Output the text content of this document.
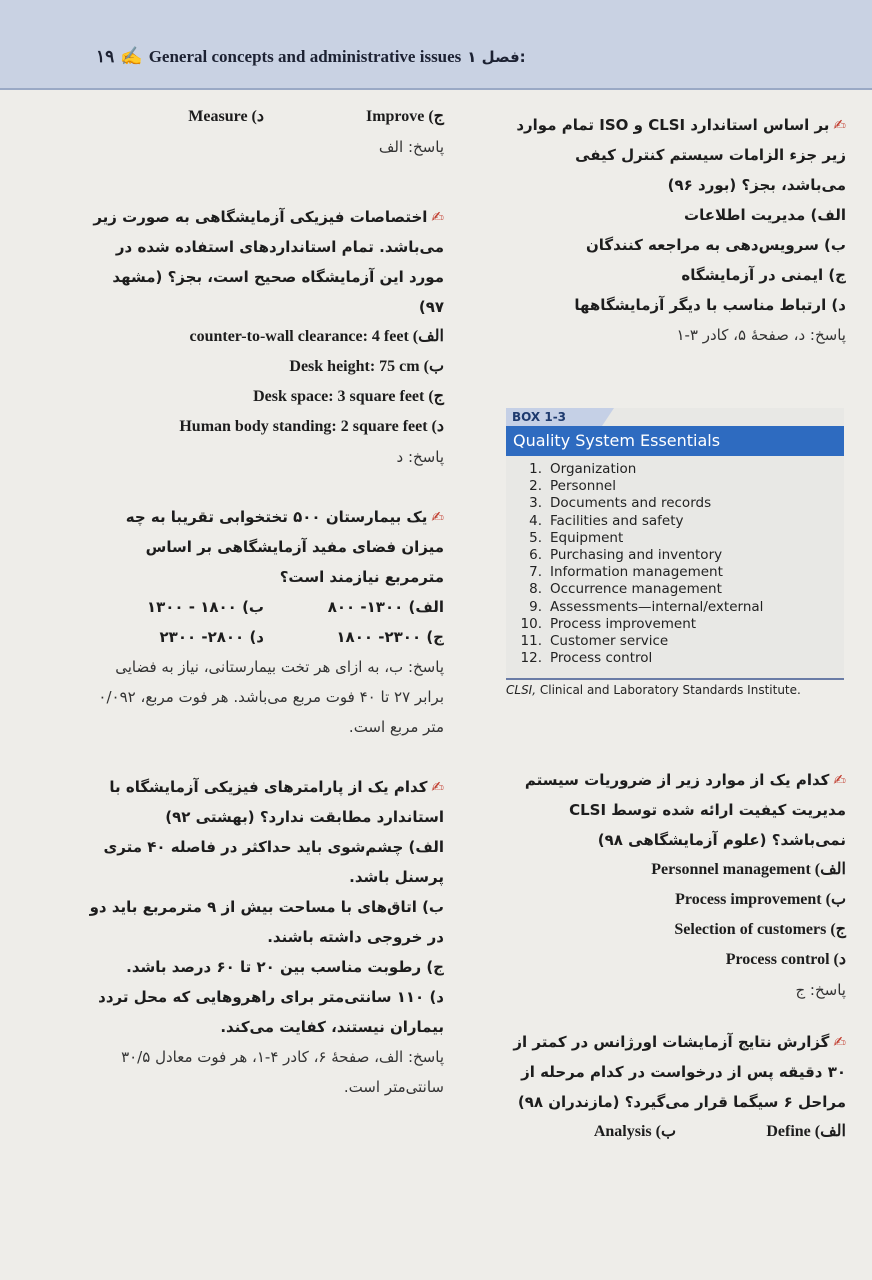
۱۹ ✍ General concepts and administrative issues فصل ۱:

✍بر اساس استاندارد CLSI و ISO تمام موارد زیر جزء الزامات سیستم کنترل کیفی می‌باشد، بجز؟ (بورد ۹۶)

الف) مدیریت اطلاعات

ب) سرویس‌دهی به مراجعه کنندگان

ج) ایمنی در آزمایشگاه

د) ارتباط مناسب با دیگر آزمایشگاهها

پاسخ: د، صفحهٔ ۵، کادر ۳-۱

BOX 1-3
Quality System Essentials
1. Organization
2. Personnel
3. Documents and records
4. Facilities and safety
5. Equipment
6. Purchasing and inventory
7. Information management
8. Occurrence management
9. Assessments—internal/external
10. Process improvement
11. Customer service
12. Process control
CLSI, Clinical and Laboratory Standards Institute.

✍کدام یک از موارد زیر از ضروریات سیستم مدیریت کیفیت ارائه شده توسط CLSI نمی‌باشد؟ (علوم آزمایشگاهی ۹۸)

الف) Personnel management

ب) Process improvement

ج) Selection of customers

د) Process control

پاسخ: ج

✍گزارش نتایج آزمایشات اورژانس در کمتر از ۳۰ دقیقه پس از درخواست در کدام مرحله از مراحل ۶ سیگما قرار می‌گیرد؟ (مازندران ۹۸)

الف) Define

ب) Analysis

ج) Improve

د) Measure

پاسخ: الف

✍اختصاصات فیزیکی آزمایشگاهی به صورت زیر می‌باشد. تمام استانداردهای استفاده شده در مورد این آزمایشگاه صحیح است، بجز؟ (مشهد ۹۷)

الف) counter-to-wall clearance: 4 feet

ب) Desk height: 75 cm

ج) Desk space: 3 square feet

د) Human body standing: 2 square feet

پاسخ: د

✍یک بیمارستان ۵۰۰ تختخوابی تقریبا به چه میزان فضای مفید آزمایشگاهی بر اساس مترمربع نیازمند است؟

الف) ۱۳۰۰- ۸۰۰

ب) ۱۸۰۰ - ۱۳۰۰

ج) ۲۳۰۰- ۱۸۰۰

د) ۲۸۰۰- ۲۳۰۰

پاسخ: ب، به ازای هر تخت بیمارستانی، نیاز به فضایی برابر ۲۷ تا ۴۰ فوت مربع می‌باشد. هر فوت مربع، ۰/۰۹۲ متر مربع است.

✍کدام یک از پارامترهای فیزیکی آزمایشگاه با استاندارد مطابقت ندارد؟ (بهشتی ۹۲)

الف) چشم‌شوی باید حداکثر در فاصله ۴۰ متری پرسنل باشد.

ب) اتاق‌های با مساحت بیش از ۹ مترمربع باید دو در خروجی داشته باشند.

ج) رطوبت مناسب بین ۲۰ تا ۶۰ درصد باشد.

د) ۱۱۰ سانتی‌متر برای راهروهایی که محل تردد بیماران نیستند، کفایت می‌کند.

پاسخ: الف، صفحهٔ ۶، کادر ۴-۱، هر فوت معادل ۳۰/۵ سانتی‌متر است.
